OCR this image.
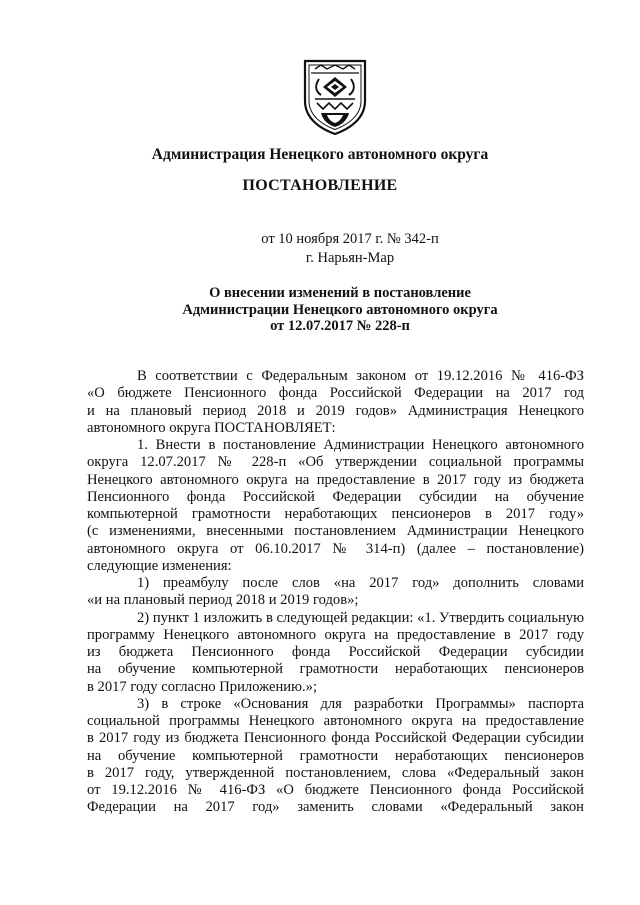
Администрация Ненецкого автономного округа

ПОСТАНОВЛЕНИЕ

от 10 ноября 2017 г. № 342-п

г. Нарьян-Мар

О внесении изменений в постановление
Администрации Ненецкого автономного округа
от 12.07.2017 № 228-п
В соответствии с Федеральным законом от 19.12.2016 № 416-ФЗ
«О бюджете Пенсионного фонда Российской Федерации на 2017 год
и на плановый период 2018 и 2019 годов» Администрация Ненецкого
автономного округа ПОСТАНОВЛЯЕТ:
1. Внести в постановление Администрации Ненецкого автономного
округа 12.07.2017 № 228-п «Об утверждении социальной программы
Ненецкого автономного округа на предоставление в 2017 году из бюджета
Пенсионного фонда Российской Федерации субсидии на обучение
компьютерной грамотности неработающих пенсионеров в 2017 году»
(с изменениями, внесенными постановлением Администрации Ненецкого
автономного округа от 06.10.2017 № 314-п) (далее – постановление)
следующие изменения:
1) преамбулу после слов «на 2017 год» дополнить словами
«и на плановый период 2018 и 2019 годов»;
2) пункт 1 изложить в следующей редакции: «1. Утвердить социальную
программу Ненецкого автономного округа на предоставление в 2017 году
из бюджета Пенсионного фонда Российской Федерации субсидии
на обучение компьютерной грамотности неработающих пенсионеров
в 2017 году согласно Приложению.»;
3) в строке «Основания для разработки Программы» паспорта
социальной программы Ненецкого автономного округа на предоставление
в 2017 году из бюджета Пенсионного фонда Российской Федерации субсидии
на обучение компьютерной грамотности неработающих пенсионеров
в 2017 году, утвержденной постановлением, слова «Федеральный закон
от 19.12.2016 № 416-ФЗ «О бюджете Пенсионного фонда Российской
Федерации на 2017 год» заменить словами «Федеральный закон
